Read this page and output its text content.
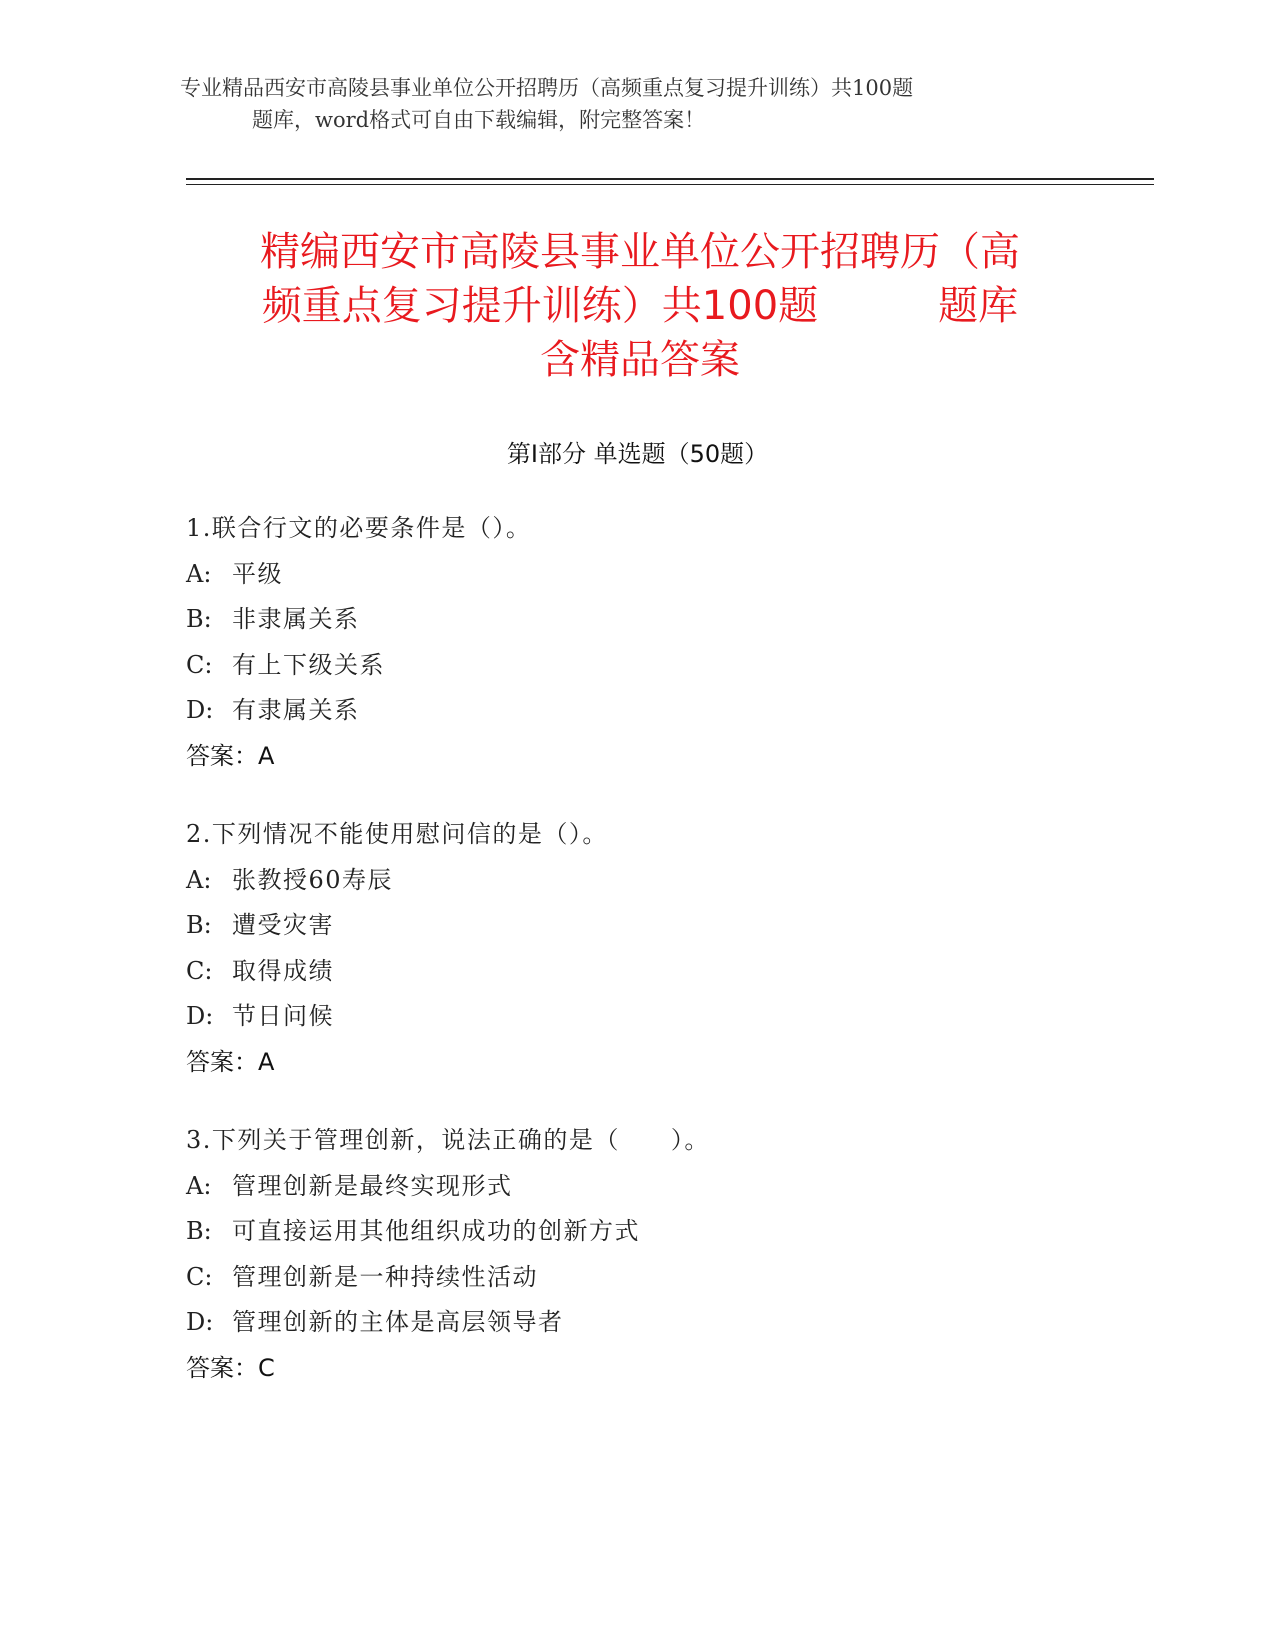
专业精品西安市高陵县事业单位公开招聘历（高频重点复习提升训练）共100题
题库，word格式可自由下载编辑，附完整答案！
精编西安市高陵县事业单位公开招聘历（高
频重点复习提升训练）共100题	题库
含精品答案
第Ⅰ部分 单选题（50题）
1.联合行文的必要条件是（）。
A: 平级
B: 非隶属关系
C: 有上下级关系
D: 有隶属关系
答案：A
2.下列情况不能使用慰问信的是（）。
A: 张教授60寿辰
B: 遭受灾害
C: 取得成绩
D: 节日问候
答案：A
3.下列关于管理创新，说法正确的是（　　）。
A: 管理创新是最终实现形式
B: 可直接运用其他组织成功的创新方式
C: 管理创新是一种持续性活动
D: 管理创新的主体是高层领导者
答案：C
